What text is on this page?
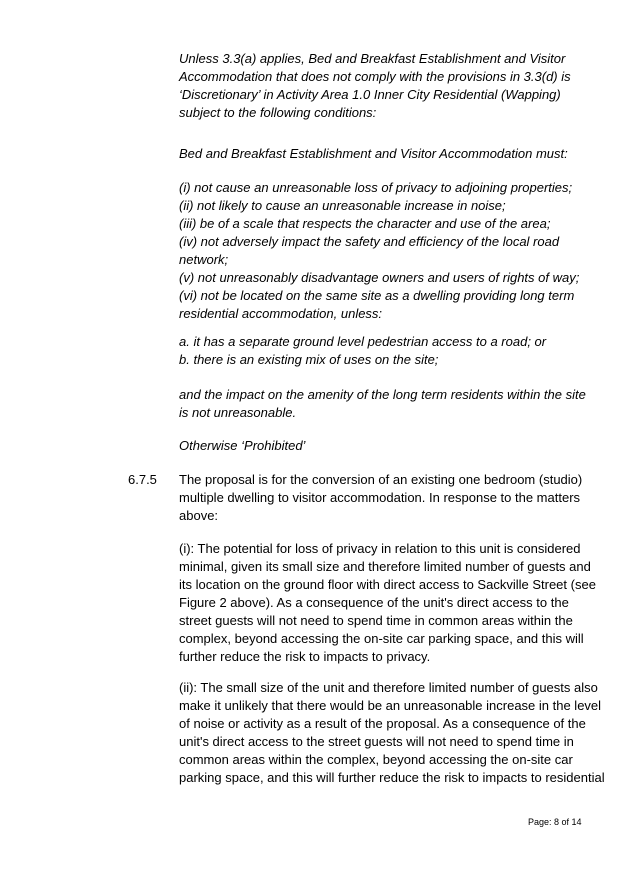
Unless 3.3(a) applies, Bed and Breakfast Establishment and Visitor
Accommodation that does not comply with the provisions in 3.3(d) is
‘Discretionary’ in Activity Area 1.0 Inner City Residential (Wapping)
subject to the following conditions:
Bed and Breakfast Establishment and Visitor Accommodation must:
(i) not cause an unreasonable loss of privacy to adjoining properties;
(ii) not likely to cause an unreasonable increase in noise;
(iii) be of a scale that respects the character and use of the area;
(iv) not adversely impact the safety and efficiency of the local road
network;
(v) not unreasonably disadvantage owners and users of rights of way;
(vi) not be located on the same site as a dwelling providing long term
residential accommodation, unless:
a. it has a separate ground level pedestrian access to a road; or
b. there is an existing mix of uses on the site;
and the impact on the amenity of the long term residents within the site
is not unreasonable.
Otherwise ‘Prohibited’
6.7.5 The proposal is for the conversion of an existing one bedroom (studio)
multiple dwelling to visitor accommodation. In response to the matters
above:
(i): The potential for loss of privacy in relation to this unit is considered
minimal, given its small size and therefore limited number of guests and
its location on the ground floor with direct access to Sackville Street (see
Figure 2 above). As a consequence of the unit's direct access to the
street guests will not need to spend time in common areas within the
complex, beyond accessing the on-site car parking space, and this will
further reduce the risk to impacts to privacy.
(ii): The small size of the unit and therefore limited number of guests also
make it unlikely that there would be an unreasonable increase in the level
of noise or activity as a result of the proposal. As a consequence of the
unit's direct access to the street guests will not need to spend time in
common areas within the complex, beyond accessing the on-site car
parking space, and this will further reduce the risk to impacts to residential
Page: 8 of 14
